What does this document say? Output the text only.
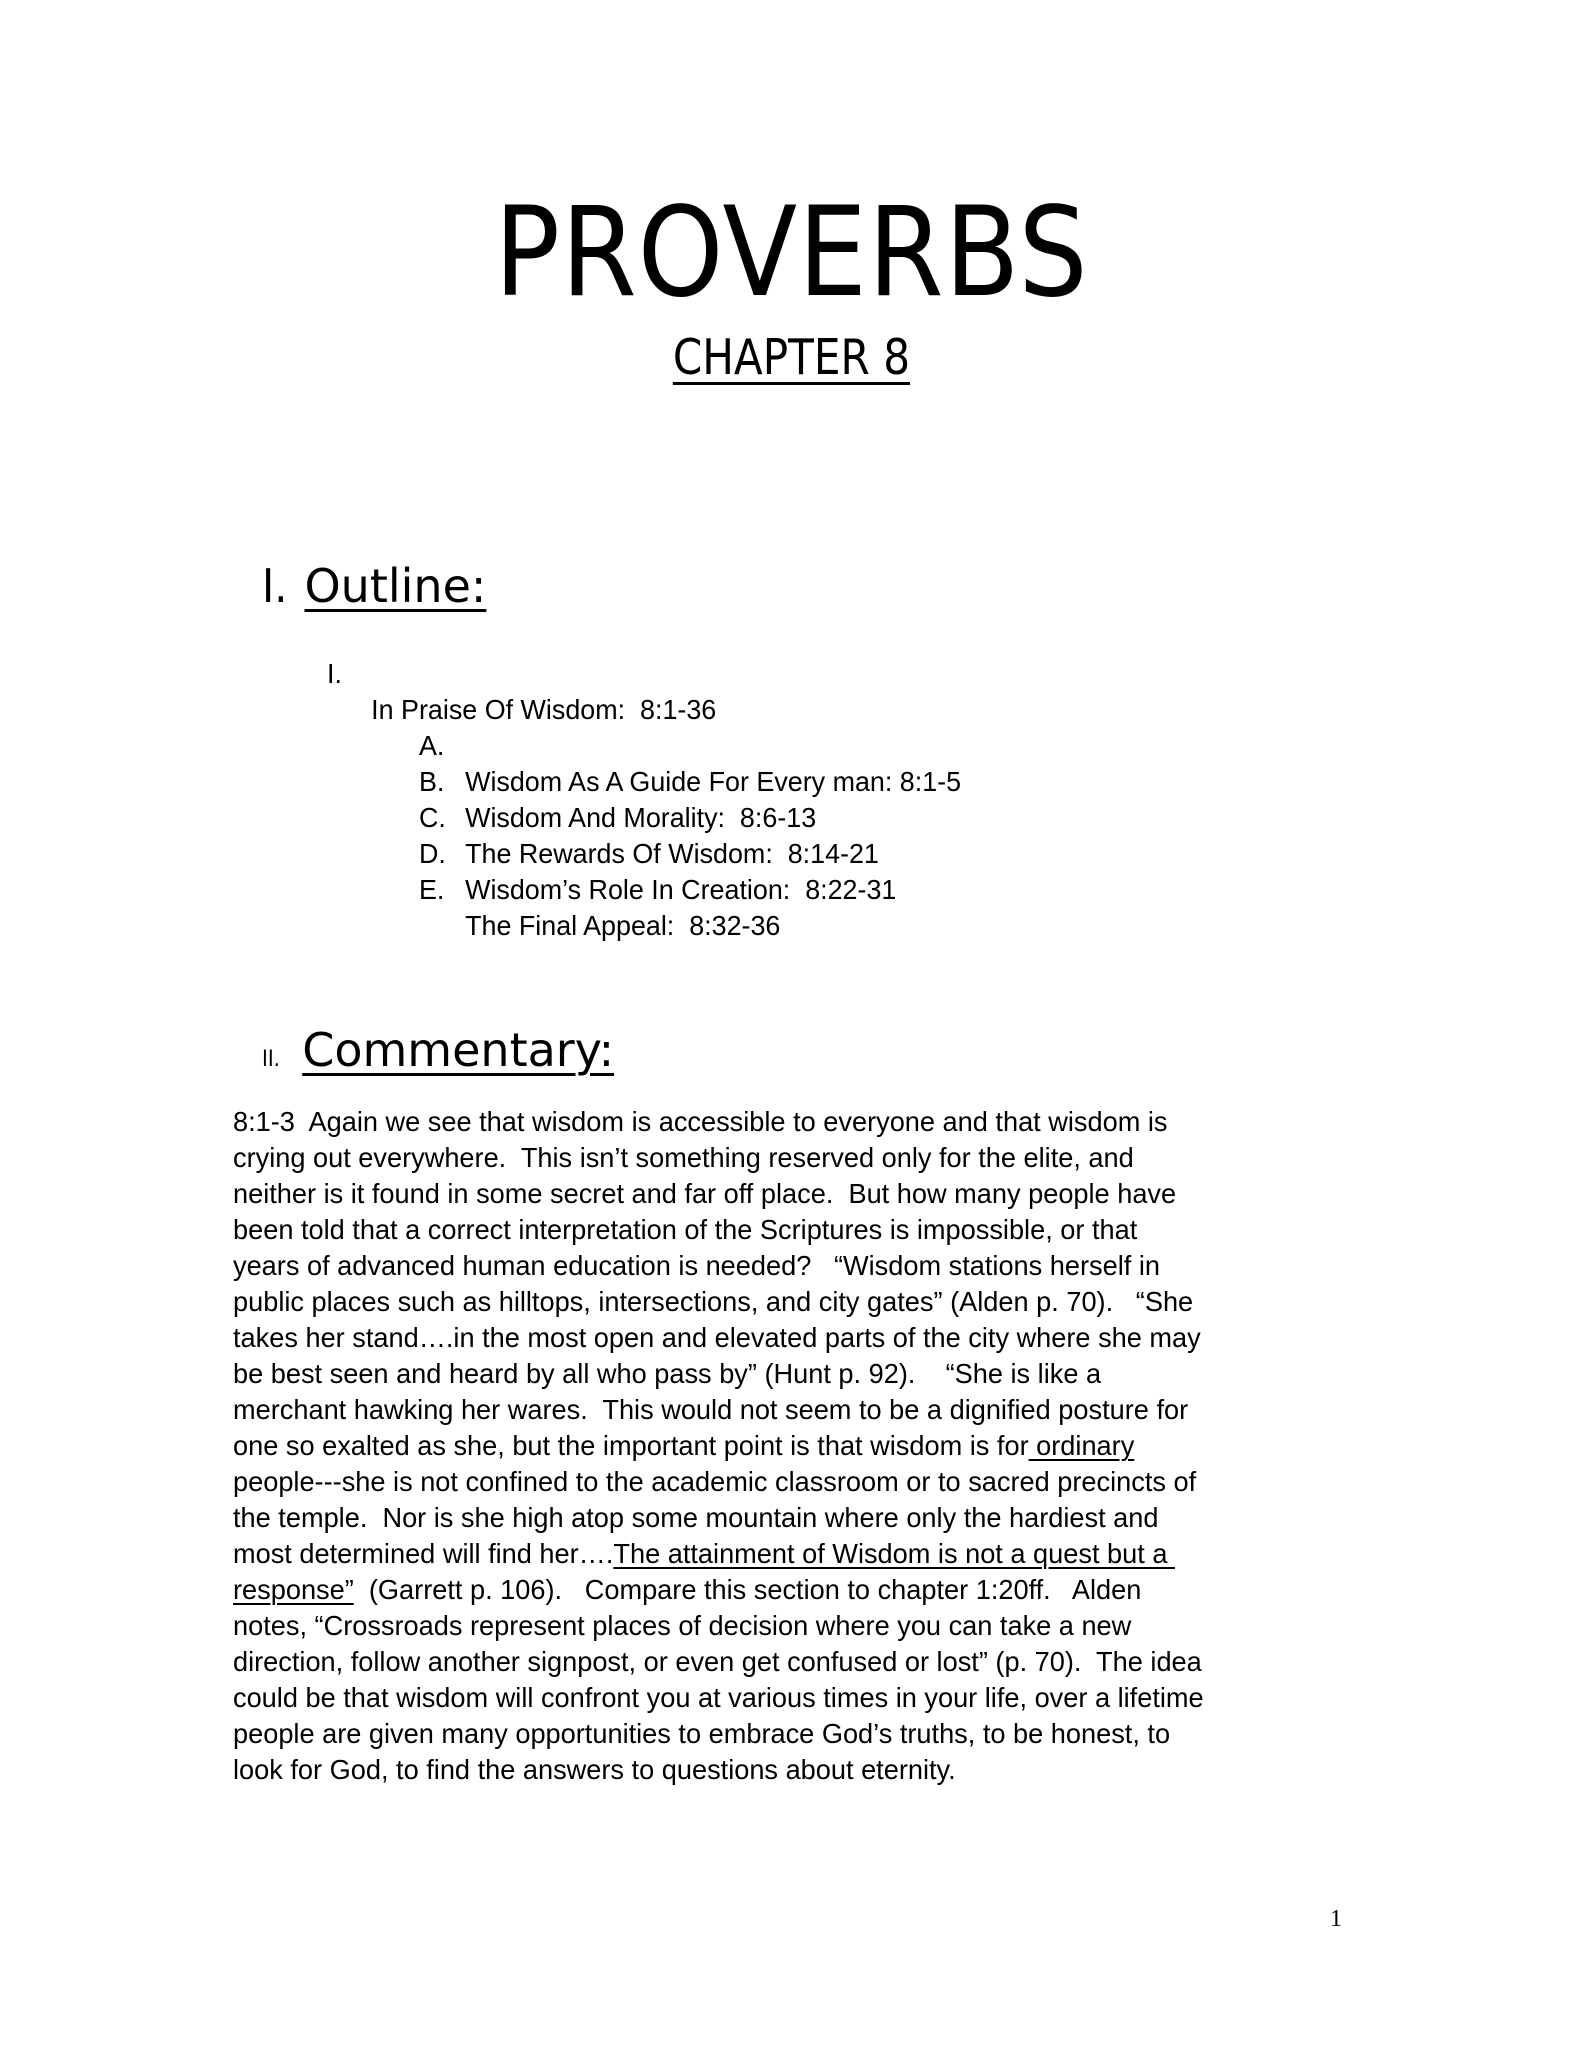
PROVERBS
CHAPTER 8

I. Outline:

I.

In Praise Of Wisdom:  8:1-36

A.

Wisdom As A Guide For Every man: 8:1-5

B.

Wisdom And Morality:  8:6-13

C.

The Rewards Of Wisdom:  8:14-21

D.

Wisdom’s Role In Creation:  8:22-31

E.

The Final Appeal:  8:32-36

II. Commentary:

8:1-3  Again we see that wisdom is accessible to everyone and that wisdom is
crying out everywhere.  This isn’t something reserved only for the elite, and
neither is it found in some secret and far off place.  But how many people have
been told that a correct interpretation of the Scriptures is impossible, or that
years of advanced human education is needed?   “Wisdom stations herself in
public places such as hilltops, intersections, and city gates” (Alden p. 70).   “She
takes her stand….in the most open and elevated parts of the city where she may
be best seen and heard by all who pass by” (Hunt p. 92).    “She is like a
merchant hawking her wares.  This would not seem to be a dignified posture for
one so exalted as she, but the important point is that wisdom is for ordinary
people---she is not confined to the academic classroom or to sacred precincts of
the temple.  Nor is she high atop some mountain where only the hardiest and
most determined will find her….The attainment of Wisdom is not a quest but a
response”  (Garrett p. 106).   Compare this section to chapter 1:20ff.   Alden
notes, “Crossroads represent places of decision where you can take a new
direction, follow another signpost, or even get confused or lost” (p. 70).  The idea
could be that wisdom will confront you at various times in your life, over a lifetime
people are given many opportunities to embrace God’s truths, to be honest, to
look for God, to find the answers to questions about eternity.
1
